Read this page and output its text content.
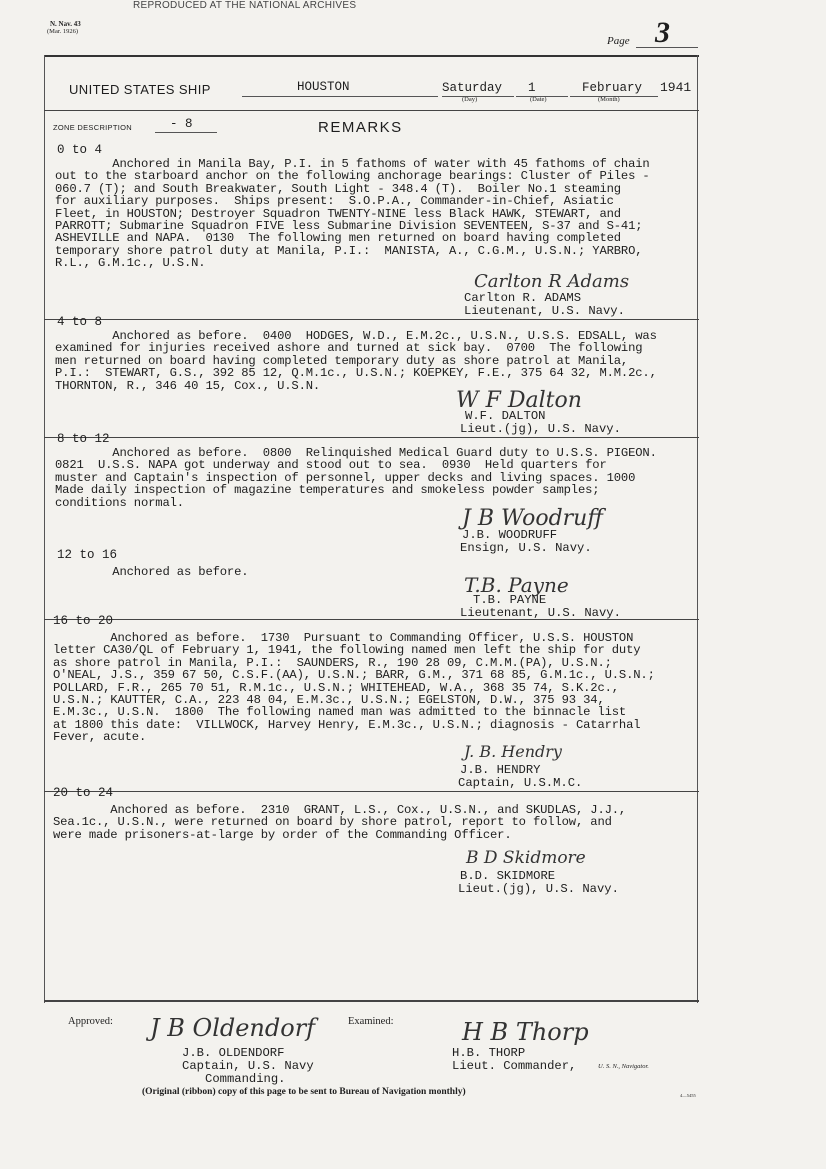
REPRODUCED AT THE NATIONAL ARCHIVES
N. Nav. 43
(Mar. 1926)
Page 3
UNITED STATES SHIP	HOUSTON	Saturday
(Day)
1
(Date)
February
(Month)
1941
ZONE DESCRIPTION	- 8	REMARKS
0 to 4
Anchored in Manila Bay, P.I. in 5 fathoms of water with 45 fathoms of chain
out to the starboard anchor on the following anchorage bearings: Cluster of Piles -
060.7 (T); and South Breakwater, South Light - 348.4 (T).  Boiler No.1 steaming
for auxiliary purposes.  Ships present:  S.O.P.A., Commander-in-Chief, Asiatic
Fleet, in HOUSTON; Destroyer Squadron TWENTY-NINE less Black HAWK, STEWART, and
PARROTT; Submarine Squadron FIVE less Submarine Division SEVENTEEN, S-37 and S-41;
ASHEVILLE and NAPA.  0130  The following men returned on board having completed
temporary shore patrol duty at Manila, P.I.:  MANISTA, A., C.G.M., U.S.N.; YARBRO,
R.L., G.M.1c., U.S.N.
Carlton R Adams
Carlton R. ADAMS
Lieutenant, U.S. Navy.
4 to 8
Anchored as before.  0400  HODGES, W.D., E.M.2c., U.S.N., U.S.S. EDSALL, was
examined for injuries received ashore and turned at sick bay.  0700  The following
men returned on board having completed temporary duty as shore patrol at Manila,
P.I.:  STEWART, G.S., 392 85 12, Q.M.1c., U.S.N.; KOEPKEY, F.E., 375 64 32, M.M.2c.,
THORNTON, R., 346 40 15, Cox., U.S.N.
W F Dalton
W.F. DALTON
Lieut.(jg), U.S. Navy.
8 to 12
Anchored as before.  0800  Relinquished Medical Guard duty to U.S.S. PIGEON.
0821  U.S.S. NAPA got underway and stood out to sea.  0930  Held quarters for
muster and Captain's inspection of personnel, upper decks and living spaces. 1000
Made daily inspection of magazine temperatures and smokeless powder samples;
conditions normal.
J B Woodruff
J.B. WOODRUFF
Ensign, U.S. Navy.
12 to 16
Anchored as before.
T.B. Payne
T.B. PAYNE
Lieutenant, U.S. Navy.
16 to 20
Anchored as before.  1730  Pursuant to Commanding Officer, U.S.S. HOUSTON
letter CA30/QL of February 1, 1941, the following named men left the ship for duty
as shore patrol in Manila, P.I.:  SAUNDERS, R., 190 28 09, C.M.M.(PA), U.S.N.;
O'NEAL, J.S., 359 67 50, C.S.F.(AA), U.S.N.; BARR, G.M., 371 68 85, G.M.1c., U.S.N.;
POLLARD, F.R., 265 70 51, R.M.1c., U.S.N.; WHITEHEAD, W.A., 368 35 74, S.K.2c.,
U.S.N.; KAUTTER, C.A., 223 48 04, E.M.3c., U.S.N.; EGELSTON, D.W., 375 93 34,
E.M.3c., U.S.N.  1800  The following named man was admitted to the binnacle list
at 1800 this date:  VILLWOCK, Harvey Henry, E.M.3c., U.S.N.; diagnosis - Catarrhal
Fever, acute.
J. B. Hendry
J.B. HENDRY
Captain, U.S.M.C.
20 to 24
Anchored as before.  2310  GRANT, L.S., Cox., U.S.N., and SKUDLAS, J.J.,
Sea.1c., U.S.N., were returned on board by shore patrol, report to follow, and
were made prisoners-at-large by order of the Commanding Officer.
B D Skidmore
B.D. SKIDMORE
Lieut.(jg), U.S. Navy.
Approved: J B Oldendorf
J.B. OLDENDORF
Captain, U.S. Navy
Commanding.
Examined:	H B Thorp
H.B. THORP
Lieut. Commander,	U. S. N., Navigator.
(Original (ribbon) copy of this page to be sent to Bureau of Navigation monthly)	4—5455
